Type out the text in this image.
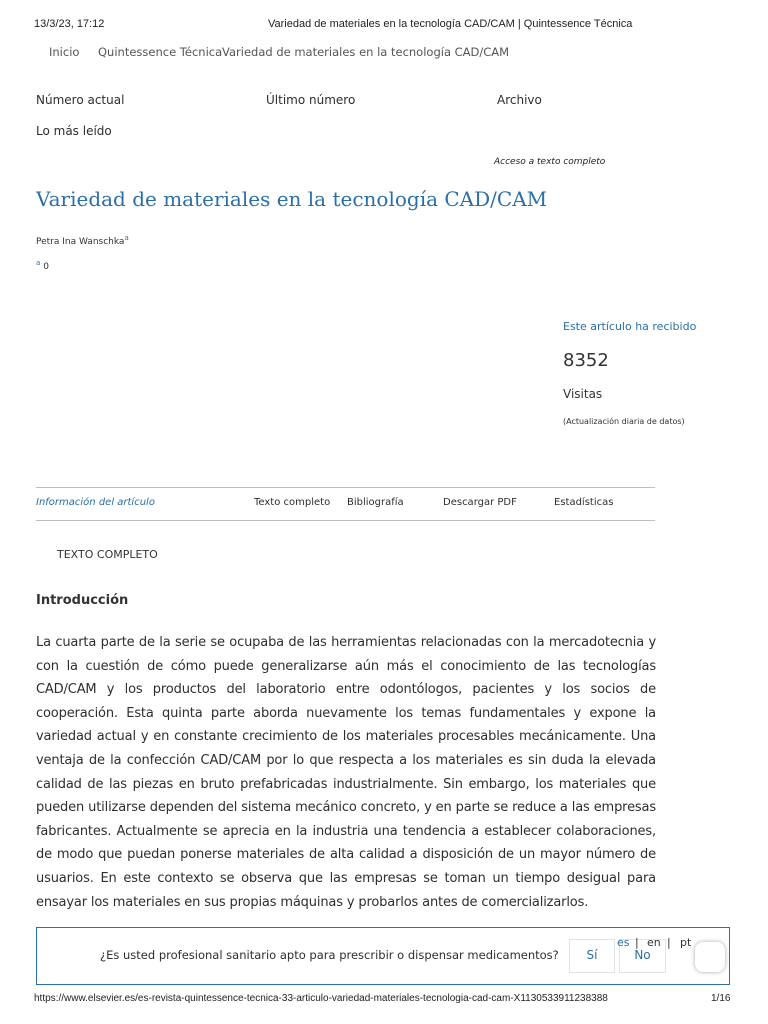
13/3/23, 17:12	Variedad de materiales en la tecnología CAD/CAM | Quintessence Técnica
Inicio Quintessence Técnica Variedad de materiales en la tecnología CAD/CAM
Número actual	Último número	Archivo
Lo más leído
Acceso a texto completo
Variedad de materiales en la tecnología CAD/CAM
Petra Ina Wanschka$^a$
$^a$ 0
Este artículo ha recibido
8352
Visitas
(Actualización diaria de datos)
Información del artículo	Texto completo Bibliografía	Descargar PDF	Estadísticas
TEXTO COMPLETO
Introducción

La cuarta parte de la serie se ocupaba de las herramientas relacionadas con la mercadotecnia y con la cuestión de cómo puede generalizarse aún más el conocimiento de las tecnologías CAD/CAM y los productos del laboratorio entre odontólogos, pacientes y los socios de cooperación. Esta quinta parte aborda nuevamente los temas fundamentales y expone la variedad actual y en constante crecimiento de los materiales procesables mecánicamente. Una ventaja de la confección CAD/CAM por lo que respecta a los materiales es sin duda la elevada calidad de las piezas en bruto prefabricadas industrialmente. Sin embargo, los materiales que pueden utilizarse dependen del sistema mecánico concreto, y en parte se reduce a las empresas fabricantes. Actualmente se aprecia en la industria una tendencia a establecer colaboraciones, de modo que puedan ponerse materiales de alta calidad a disposición de un mayor número de usuarios. En este contexto se observa que las empresas se toman un tiempo desigual para ensayar los materiales en sus propias máquinas y probarlos antes de comercializarlos.

¿Es usted profesional sanitario apto para prescribir o dispensar medicamentos?	Sí	No
es | en | pt
https://www.elsevier.es/es-revista-quintessence-tecnica-33-articulo-variedad-materiales-tecnologia-cad-cam-X1130533911238388	1/16
